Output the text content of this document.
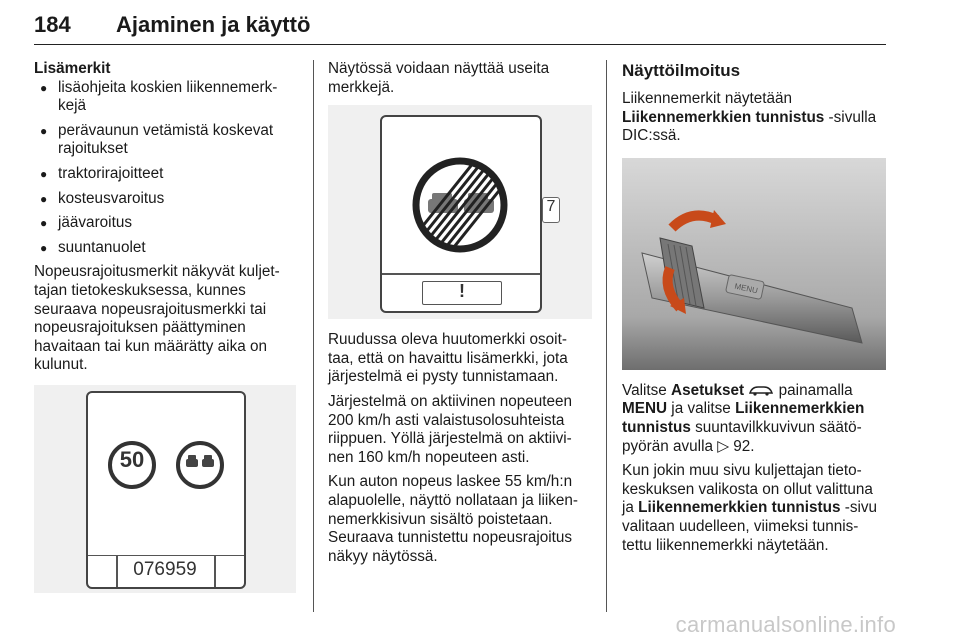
184 Ajaminen ja käyttö
Lisämerkit
● lisäohjeita koskien liikennemerk-kejä
● perävaunun vetämistä koskevat rajoitukset
● traktorirajoitteet
● kosteusvaroitus
● jäävaroitus
● suuntanuolet

Nopeusrajoitusmerkit näkyvät kuljet-tajan tietokeskuksessa, kunnes seuraava nopeusrajoitusmerkki tai nopeusrajoituksen päättyminen havaitaan tai kun määrätty aika on kulunut.

50
076959

Näytössä voidaan näyttää useita merkkejä.

!
7

Ruudussa oleva huutomerkki osoit-taa, että on havaittu lisämerkki, jota järjestelmä ei pysty tunnistamaan.

Järjestelmä on aktiivinen nopeuteen 200 km/h asti valaistusolosuhteista riippuen. Yöllä järjestelmä on aktiivi-nen 160 km/h nopeuteen asti.

Kun auton nopeus laskee 55 km/h:n alapuolelle, näyttö nollataan ja liiken-nemerkkisivun sisältö poistetaan. Seuraava tunnistettu nopeusrajoitus näkyy näytössä.

Näyttöilmoitus

Liikennemerkit näytetään
Liikennemerkkien tunnistus -sivulla DIC:ssä.

MENU

Valitse Asetukset  painamalla
MENU ja valitse Liikennemerkkien tunnistus suuntavilkkuvivun säätö-pyörän avulla ▷ 92.

Kun jokin muu sivu kuljettajan tieto-keskuksen valikosta on ollut valittuna ja Liikennemerkkien tunnistus -sivu valitaan uudelleen, viimeksi tunnis-tettu liikennemerkki näytetään.

carmanualsonline.info
